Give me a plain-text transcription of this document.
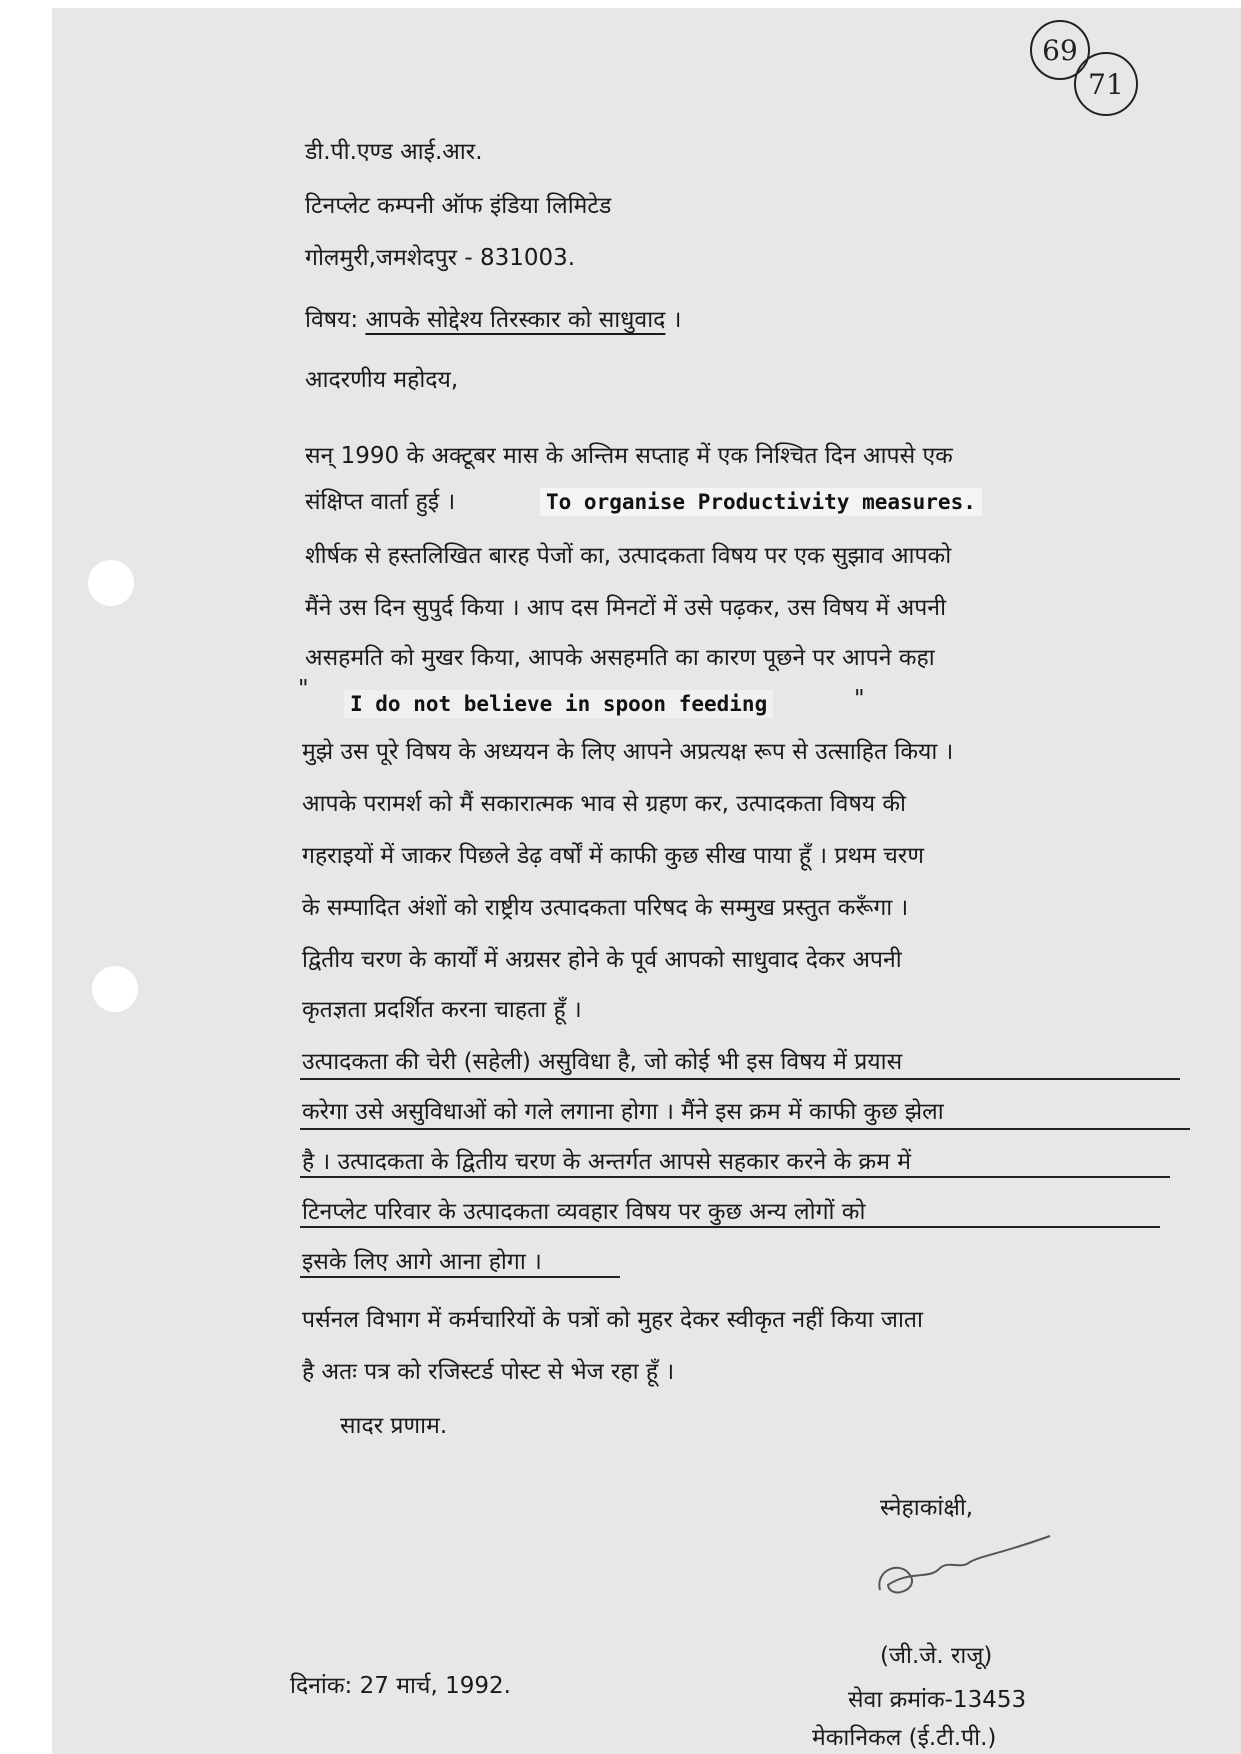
69
71
डी.पी.एण्ड आई.आर.
टिनप्लेट कम्पनी ऑफ इंडिया लिमिटेड
गोलमुरी,जमशेदपुर - 831003.
विषय: आपके सोद्देश्य तिरस्कार को साधुवाद ।
आदरणीय महोदय,
सन् 1990 के अक्टूबर मास के अन्तिम सप्ताह में एक निश्चित दिन आपसे एक
संक्षिप्त वार्ता हुई ।	To organise Productivity measures.
शीर्षक से हस्तलिखित बारह पेजों का, उत्पादकता विषय पर एक सुझाव आपको
मैंने उस दिन सुपुर्द किया । आप दस मिनटों में उसे पढ़कर, उस विषय में अपनी
असहमति को मुखर किया, आपके असहमति का कारण पूछने पर आपने कहा
"
I do not believe in spoon feeding	"
मुझे उस पूरे विषय के अध्ययन के लिए आपने अप्रत्यक्ष रूप से उत्साहित किया ।
आपके परामर्श को मैं सकारात्मक भाव से ग्रहण कर, उत्पादकता विषय की
गहराइयों में जाकर पिछले डेढ़ वर्षों में काफी कुछ सीख पाया हूँ । प्रथम चरण
के सम्पादित अंशों को राष्ट्रीय उत्पादकता परिषद के सम्मुख प्रस्तुत करूँगा ।
द्वितीय चरण के कार्यों में अग्रसर होने के पूर्व आपको साधुवाद देकर अपनी
कृतज्ञता प्रदर्शित करना चाहता हूँ ।
उत्पादकता की चेरी (सहेली) असुविधा है, जो कोई भी इस विषय में प्रयास
करेगा उसे असुविधाओं को गले लगाना होगा । मैंने इस क्रम में काफी कुछ झेला
है । उत्पादकता के द्वितीय चरण के अन्तर्गत आपसे सहकार करने के क्रम में
टिनप्लेट परिवार के उत्पादकता व्यवहार विषय पर कुछ अन्य लोगों को
इसके लिए आगे आना होगा ।
पर्सनल विभाग में कर्मचारियों के पत्रों को मुहर देकर स्वीकृत नहीं किया जाता
है अतः पत्र को रजिस्टर्ड पोस्ट से भेज रहा हूँ ।
सादर प्रणाम.
स्नेहाकांक्षी,
दिनांक: 27 मार्च, 1992.
(जी.जे. राजू)
सेवा क्रमांक-13453
मेकानिकल (ई.टी.पी.)
